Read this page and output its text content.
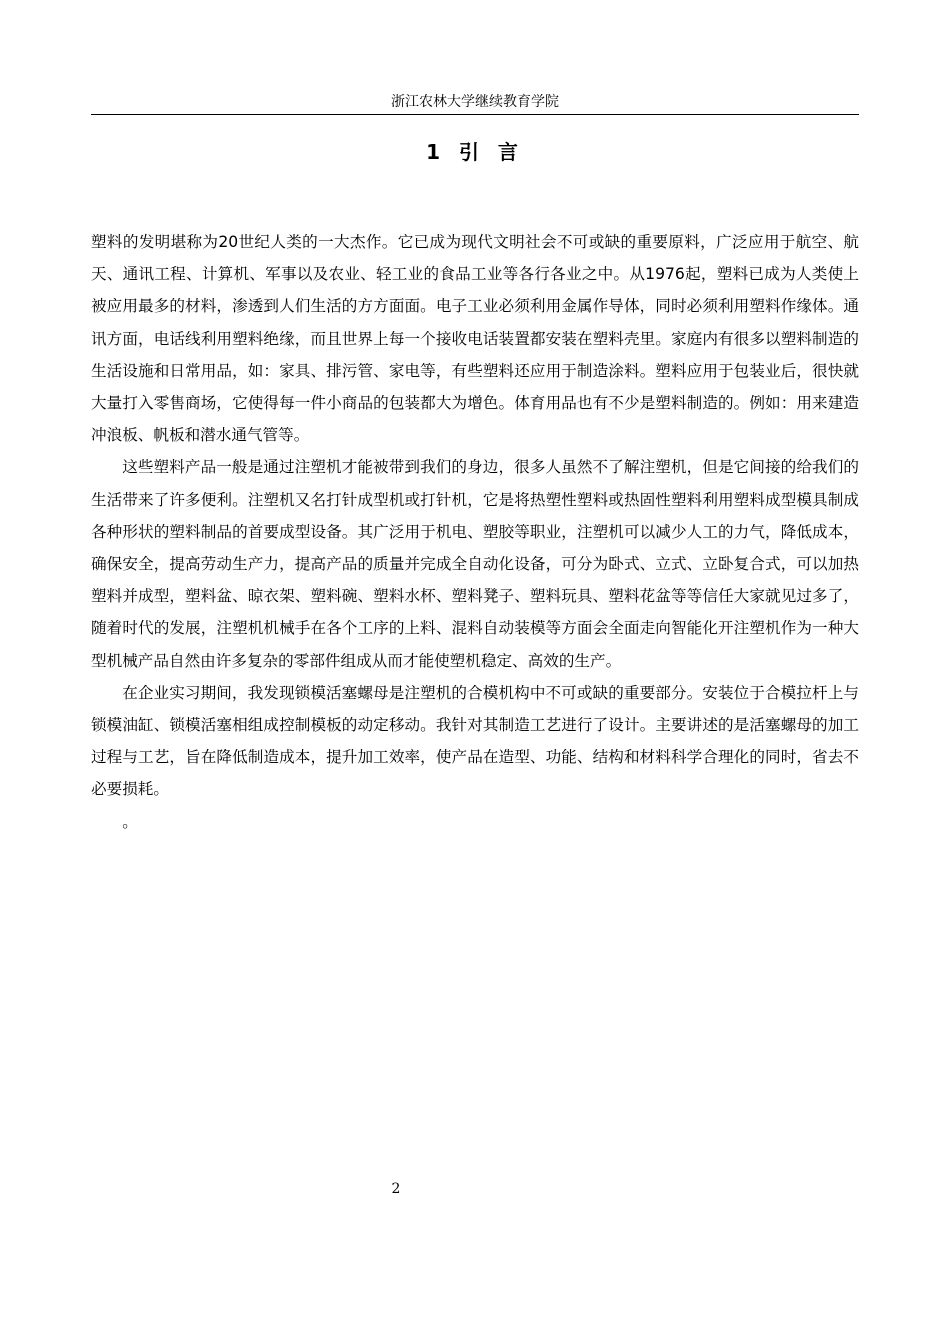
浙江农林大学继续教育学院
1 引 言

塑料的发明堪称为20世纪人类的一大杰作。它已成为现代文明社会不可或缺的重要原料，广泛应用于航空、航天、通讯工程、计算机、军事以及农业、轻工业的食品工业等各行各业之中。从1976起，塑料已成为人类使上被应用最多的材料，渗透到人们生活的方方面面。电子工业必须利用金属作导体，同时必须利用塑料作缘体。通讯方面，电话线利用塑料绝缘，而且世界上每一个接收电话装置都安装在塑料壳里。家庭内有很多以塑料制造的生活设施和日常用品，如：家具、排污管、家电等，有些塑料还应用于制造涂料。塑料应用于包装业后，很快就大量打入零售商场，它使得每一件小商品的包装都大为增色。体育用品也有不少是塑料制造的。例如：用来建造冲浪板、帆板和潜水通气管等。

这些塑料产品一般是通过注塑机才能被带到我们的身边，很多人虽然不了解注塑机，但是它间接的给我们的生活带来了许多便利。注塑机又名打针成型机或打针机，它是将热塑性塑料或热固性塑料利用塑料成型模具制成各种形状的塑料制品的首要成型设备。其广泛用于机电、塑胶等职业，注塑机可以减少人工的力气，降低成本，确保安全，提高劳动生产力，提高产品的质量并完成全自动化设备，可分为卧式、立式、立卧复合式，可以加热塑料并成型，塑料盆、晾衣架、塑料碗、塑料水杯、塑料凳子、塑料玩具、塑料花盆等等信任大家就见过多了，随着时代的发展，注塑机机械手在各个工序的上料、混料自动装模等方面会全面走向智能化开注塑机作为一种大型机械产品自然由许多复杂的零部件组成从而才能使塑机稳定、高效的生产。

在企业实习期间，我发现锁模活塞螺母是注塑机的合模机构中不可或缺的重要部分。安装位于合模拉杆上与锁模油缸、锁模活塞相组成控制模板的动定移动。我针对其制造工艺进行了设计。主要讲述的是活塞螺母的加工过程与工艺，旨在降低制造成本，提升加工效率，使产品在造型、功能、结构和材料科学合理化的同时，省去不必要损耗。

。

2
